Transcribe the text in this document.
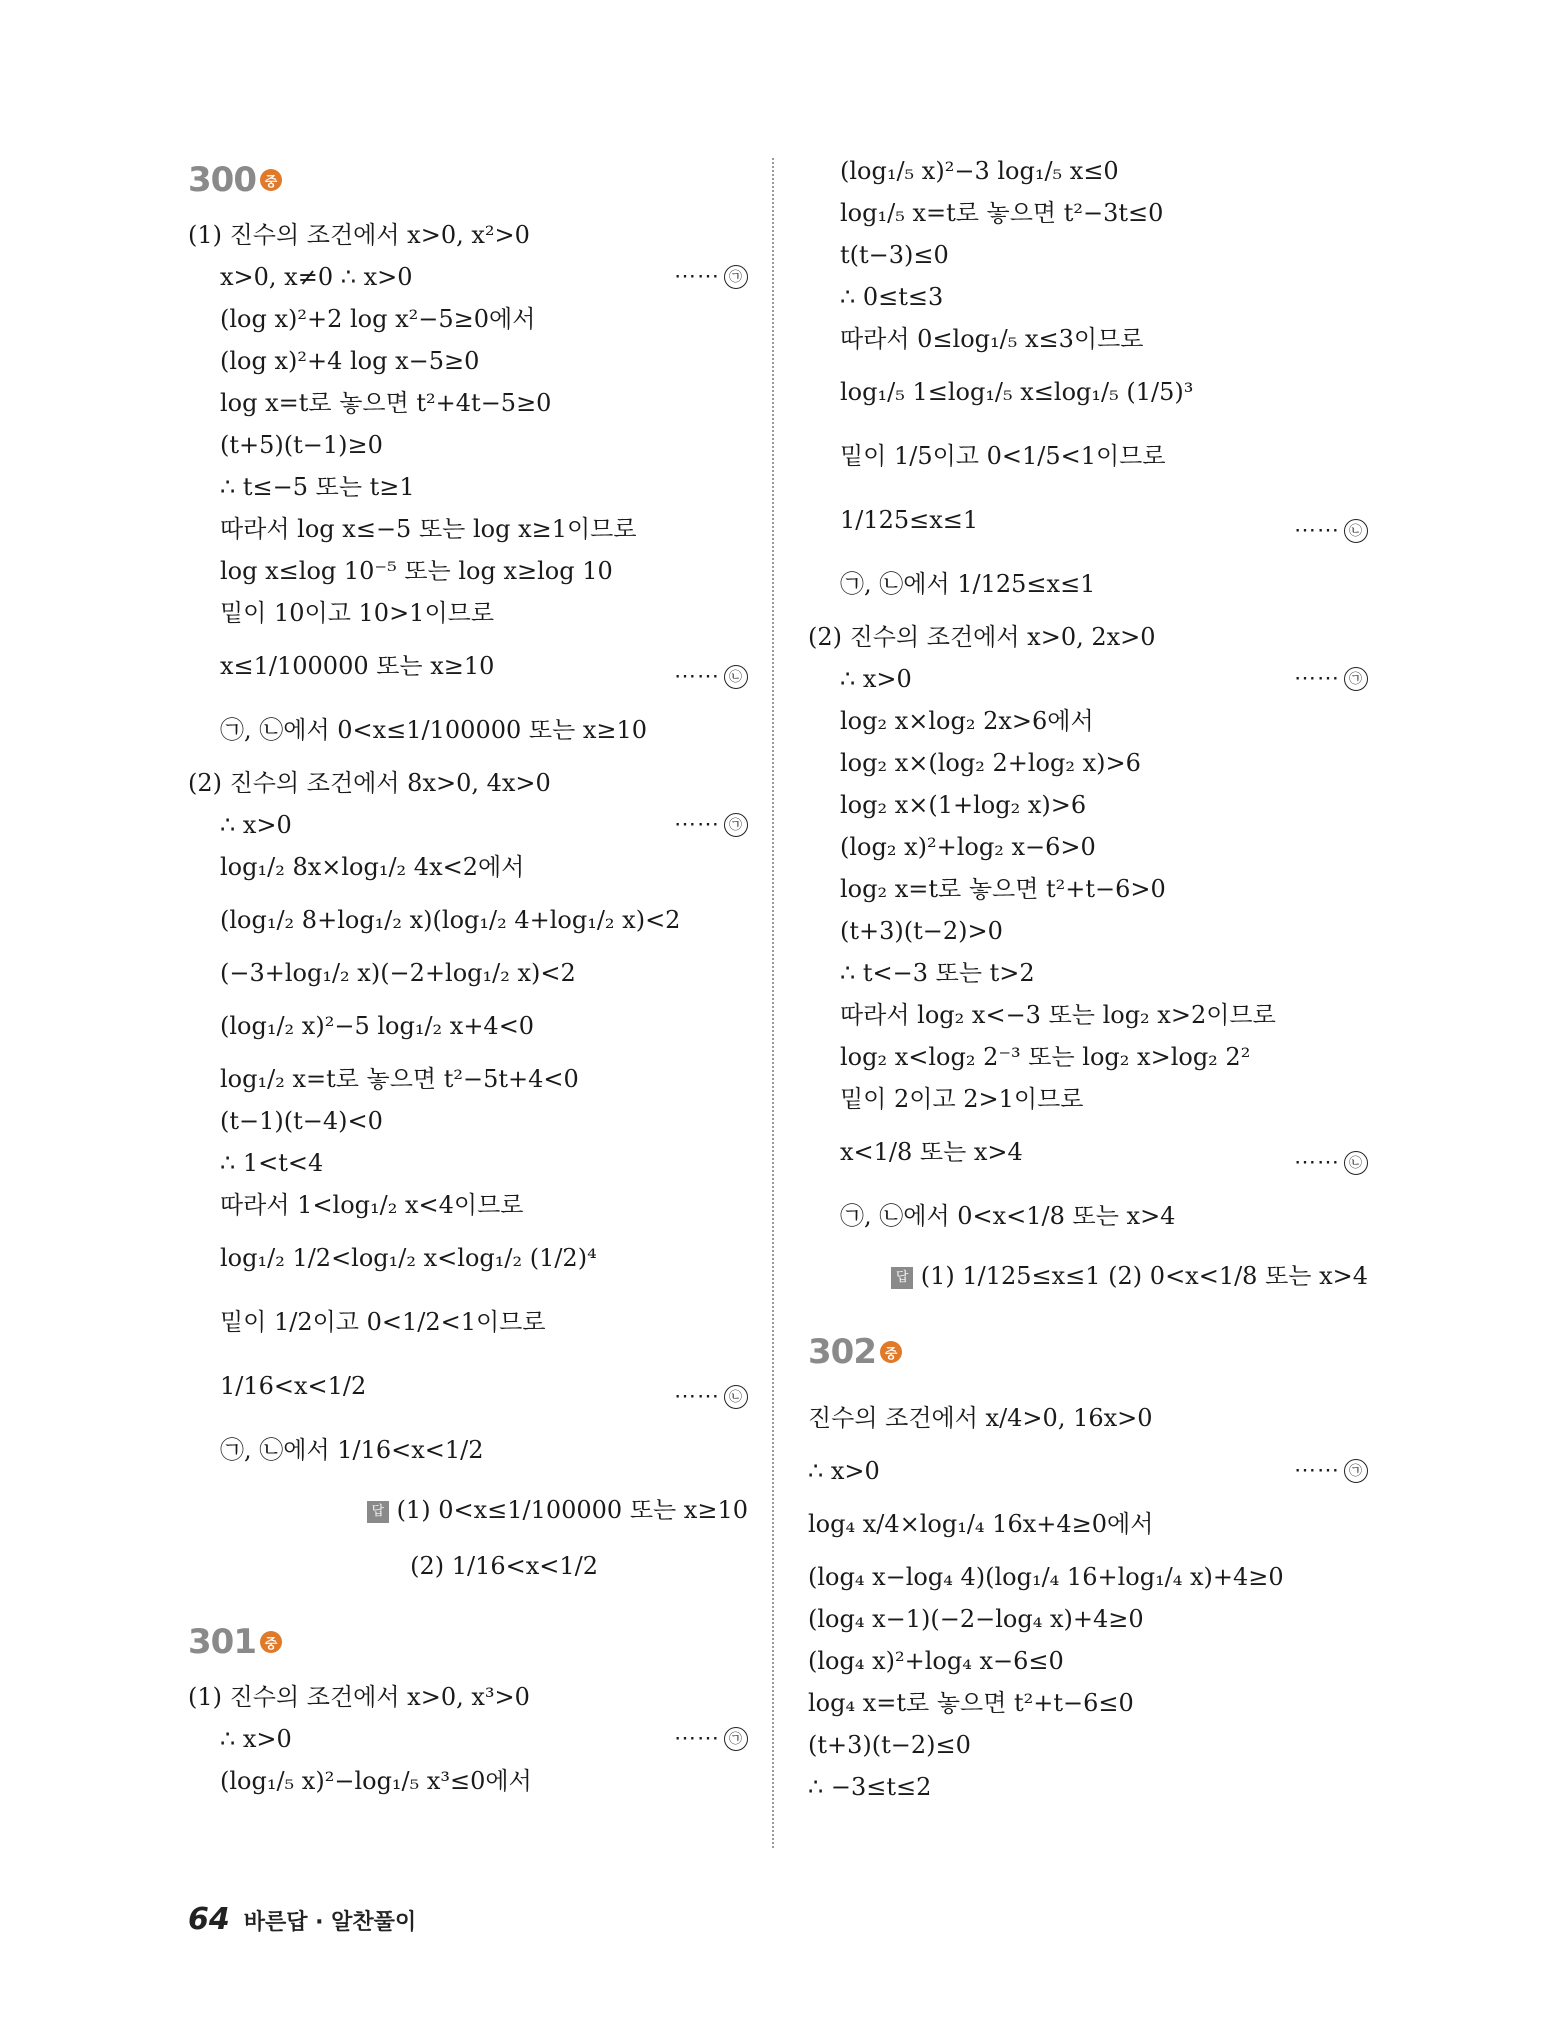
300 중
(1) 진수의 조건에서 x>0, x²>0
x>0, x≠0 ∴ x>0	⋯⋯ ㉠
(log x)²+2 log x²−5≥0에서
(log x)²+4 log x−5≥0
log x=t로 놓으면 t²+4t−5≥0
(t+5)(t−1)≥0
∴ t≤−5 또는 t≥1
따라서 log x≤−5 또는 log x≥1이므로
log x≤log 10⁻⁵ 또는 log x≥log 10
밑이 10이고 10>1이므로
x≤1/100000 또는 x≥10	⋯⋯ ㉡
㉠, ㉡에서 0<x≤1/100000 또는 x≥10
(2) 진수의 조건에서 8x>0, 4x>0
∴ x>0	⋯⋯ ㉠
log₁/₂ 8x×log₁/₂ 4x<2에서
(log₁/₂ 8+log₁/₂ x)(log₁/₂ 4+log₁/₂ x)<2
(−3+log₁/₂ x)(−2+log₁/₂ x)<2
(log₁/₂ x)²−5 log₁/₂ x+4<0
log₁/₂ x=t로 놓으면 t²−5t+4<0
(t−1)(t−4)<0
∴ 1<t<4
따라서 1<log₁/₂ x<4이므로
log₁/₂ 1/2<log₁/₂ x<log₁/₂ (1/2)⁴
밑이 1/2이고 0<1/2<1이므로
1/16<x<1/2	⋯⋯ ㉡
㉠, ㉡에서 1/16<x<1/2
답 (1) 0<x≤1/100000 또는 x≥10
(2) 1/16<x<1/2
301 중
(1) 진수의 조건에서 x>0, x³>0
∴ x>0	⋯⋯ ㉠
(log₁/₅ x)²−log₁/₅ x³≤0에서
(log₁/₅ x)²−3 log₁/₅ x≤0
log₁/₅ x=t로 놓으면 t²−3t≤0
t(t−3)≤0
∴ 0≤t≤3
따라서 0≤log₁/₅ x≤3이므로
log₁/₅ 1≤log₁/₅ x≤log₁/₅ (1/5)³
밑이 1/5이고 0<1/5<1이므로
1/125≤x≤1	⋯⋯ ㉡
㉠, ㉡에서 1/125≤x≤1
(2) 진수의 조건에서 x>0, 2x>0
∴ x>0	⋯⋯ ㉠
log₂ x×log₂ 2x>6에서
log₂ x×(log₂ 2+log₂ x)>6
log₂ x×(1+log₂ x)>6
(log₂ x)²+log₂ x−6>0
log₂ x=t로 놓으면 t²+t−6>0
(t+3)(t−2)>0
∴ t<−3 또는 t>2
따라서 log₂ x<−3 또는 log₂ x>2이므로
log₂ x<log₂ 2⁻³ 또는 log₂ x>log₂ 2²
밑이 2이고 2>1이므로
x<1/8 또는 x>4	⋯⋯ ㉡
㉠, ㉡에서 0<x<1/8 또는 x>4
답 (1) 1/125≤x≤1 (2) 0<x<1/8 또는 x>4
302 중
진수의 조건에서 x/4>0, 16x>0
∴ x>0	⋯⋯ ㉠
log₄ x/4×log₁/₄ 16x+4≥0에서
(log₄ x−log₄ 4)(log₁/₄ 16+log₁/₄ x)+4≥0
(log₄ x−1)(−2−log₄ x)+4≥0
(log₄ x)²+log₄ x−6≤0
log₄ x=t로 놓으면 t²+t−6≤0
(t+3)(t−2)≤0
∴ −3≤t≤2
64 바른답 · 알찬풀이
